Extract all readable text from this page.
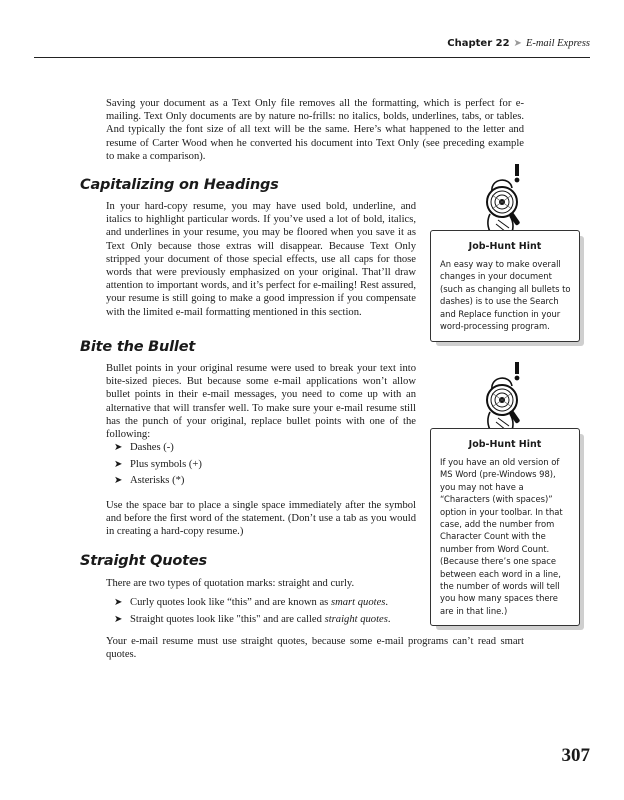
Chapter 22 ➤ E-mail Express

Saving your document as a Text Only file removes all the formatting, which is perfect for e-mailing. Text Only documents are by nature no-frills: no italics, bolds, underlines, tabs, or tables. And typically the font size of all text will be the same. Here’s what happened to the letter and resume of Carter Wood when he converted his document into Text Only (see preceding example to make a comparison).

Capitalizing on Headings

In your hard-copy resume, you may have used bold, underline, and italics to highlight particular words. If you’ve used a lot of bold, italics, and underlines in your resume, you may be floored when you save it as Text Only because those extras will disappear. Because Text Only stripped your document of those special effects, use all caps for those words that were previously emphasized on your original. That’ll draw attention to important words, and it’s perfect for e-mailing! Rest assured, your resume is still going to make a good impression if you compensate with the limited e-mail formatting mentioned in this section.

Bite the Bullet

Bullet points in your original resume were used to break your text into bite-sized pieces. But because some e-mail applications won’t allow bullet points in their e-mail messages, you need to come up with an alternative that will transfer well. To make sure your e-mail resume still has the punch of your original, replace bullet points with one of the following:

➤ Dashes (-)
➤ Plus symbols (+)
➤ Asterisks (*)

Use the space bar to place a single space immediately after the symbol and before the first word of the statement. (Don’t use a tab as you would in creating a hard-copy resume.)

Straight Quotes

There are two types of quotation marks: straight and curly.

➤ Curly quotes look like “this” and are known as smart quotes.
➤ Straight quotes look like "this" and are called straight quotes.

Your e-mail resume must use straight quotes, because some e-mail programs can’t read smart quotes.

Job-Hunt Hint

An easy way to make overall changes in your document (such as changing all bullets to dashes) is to use the Search and Replace function in your word-processing program.

Job-Hunt Hint

If you have an old version of MS Word (pre-Windows 98), you may not have a “Characters (with spaces)” option in your toolbar. In that case, add the number from Character Count with the number from Word Count. (Because there’s one space between each word in a line, the number of words will tell you how many spaces there are in that line.)

307
